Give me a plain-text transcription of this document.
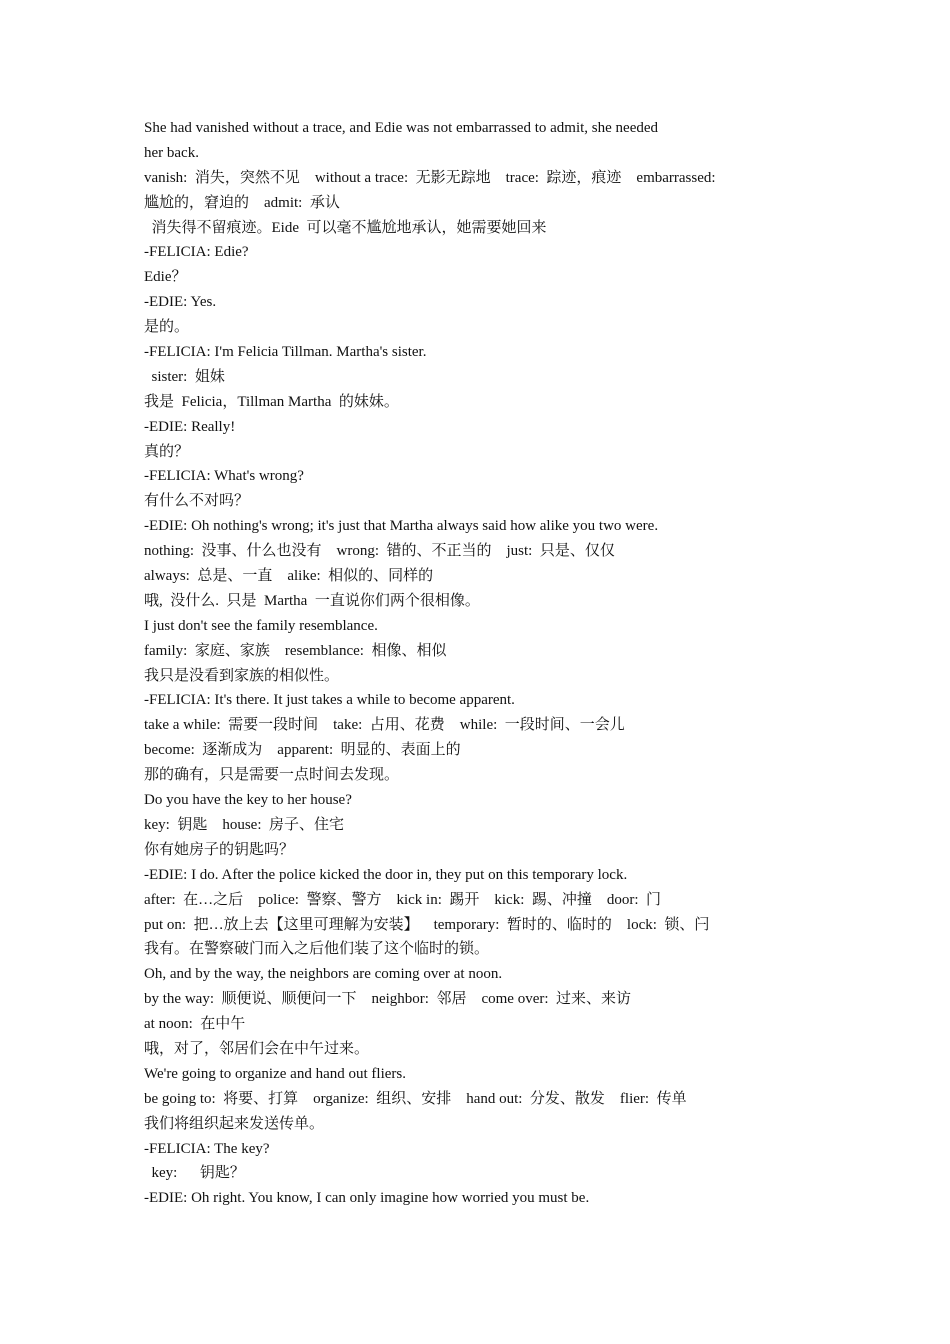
She had vanished without a trace, and Edie was not embarrassed to admit, she needed
her back.
vanish:  消失，突然不见    without a trace:  无影无踪地    trace:  踪迹，痕迹    embarrassed:
尴尬的，窘迫的    admit:  承认
消失得不留痕迹。Eide  可以毫不尴尬地承认，她需要她回来
-FELICIA: Edie?
Edie？
-EDIE: Yes.
是的。
-FELICIA: I'm Felicia Tillman. Martha's sister.
sister:  姐妹
我是  Felicia，Tillman Martha  的妹妹。
-EDIE: Really!
真的？
-FELICIA: What's wrong?
有什么不对吗？
-EDIE: Oh nothing's wrong; it's just that Martha always said how alike you two were.
nothing:  没事、什么也没有    wrong:  错的、不正当的    just:  只是、仅仅
always:  总是、一直    alike:  相似的、同样的
哦,  没什么.  只是  Martha  一直说你们两个很相像。
I just don't see the family resemblance.
family:  家庭、家族    resemblance:  相像、相似
我只是没看到家族的相似性。
-FELICIA: It's there. It just takes a while to become apparent.
take a while:  需要一段时间    take:  占用、花费    while:  一段时间、一会儿
become:  逐渐成为    apparent:  明显的、表面上的
那的确有，只是需要一点时间去发现。
Do you have the key to her house?
key:  钥匙    house:  房子、住宅
你有她房子的钥匙吗？
-EDIE: I do. After the police kicked the door in, they put on this temporary lock.
after:  在…之后    police:  警察、警方    kick in:  踢开    kick:  踢、冲撞    door:  门
put on:  把…放上去【这里可理解为安装】    temporary:  暂时的、临时的    lock:  锁、闩
我有。在警察破门而入之后他们装了这个临时的锁。
Oh, and by the way, the neighbors are coming over at noon.
by the way:  顺便说、顺便问一下    neighbor:  邻居    come over:  过来、来访
at noon:  在中午
哦，对了，邻居们会在中午过来。
We're going to organize and hand out fliers.
be going to:  将要、打算    organize:  组织、安排    hand out:  分发、散发    flier:  传单
我们将组织起来发送传单。
-FELICIA: The key?
key:      钥匙？
-EDIE: Oh right. You know, I can only imagine how worried you must be.
